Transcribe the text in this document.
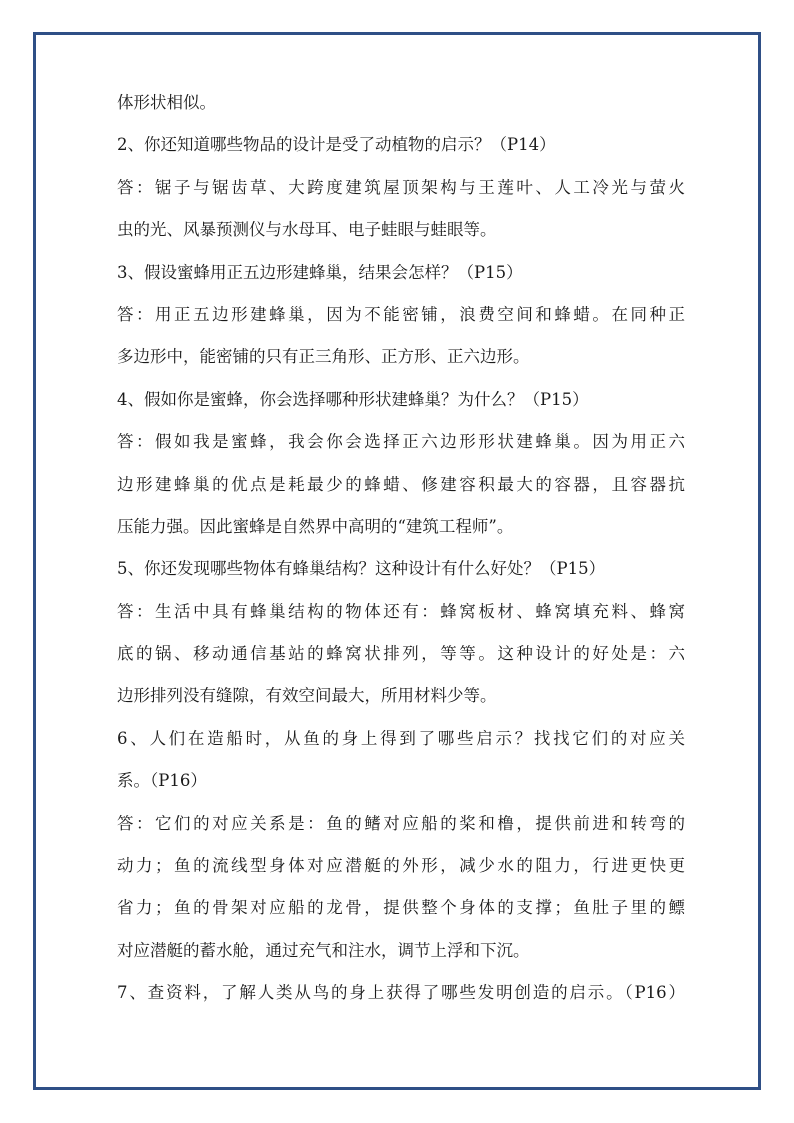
体形状相似。
2、你还知道哪些物品的设计是受了动植物的启示？（P14）
答：锯子与锯齿草、大跨度建筑屋顶架构与王莲叶、人工冷光与萤火
虫的光、风暴预测仪与水母耳、电子蛙眼与蛙眼等。
3、假设蜜蜂用正五边形建蜂巢，结果会怎样？（P15）
答：用正五边形建蜂巢，因为不能密铺，浪费空间和蜂蜡。在同种正
多边形中，能密铺的只有正三角形、正方形、正六边形。
4、假如你是蜜蜂，你会选择哪种形状建蜂巢？为什么？（P15）
答：假如我是蜜蜂，我会你会选择正六边形形状建蜂巢。因为用正六
边形建蜂巢的优点是耗最少的蜂蜡、修建容积最大的容器，且容器抗
压能力强。因此蜜蜂是自然界中高明的“建筑工程师”。
5、你还发现哪些物体有蜂巢结构？这种设计有什么好处？（P15）
答：生活中具有蜂巢结构的物体还有：蜂窝板材、蜂窝填充料、蜂窝
底的锅、移动通信基站的蜂窝状排列，等等。这种设计的好处是：六
边形排列没有缝隙，有效空间最大，所用材料少等。
6、人们在造船时，从鱼的身上得到了哪些启示？找找它们的对应关
系。（P16）
答：它们的对应关系是：鱼的鳍对应船的桨和橹，提供前进和转弯的
动力；鱼的流线型身体对应潜艇的外形，减少水的阻力，行进更快更
省力；鱼的骨架对应船的龙骨，提供整个身体的支撑；鱼肚子里的鳔
对应潜艇的蓄水舱，通过充气和注水，调节上浮和下沉。
7、查资料，了解人类从鸟的身上获得了哪些发明创造的启示。（P16）
